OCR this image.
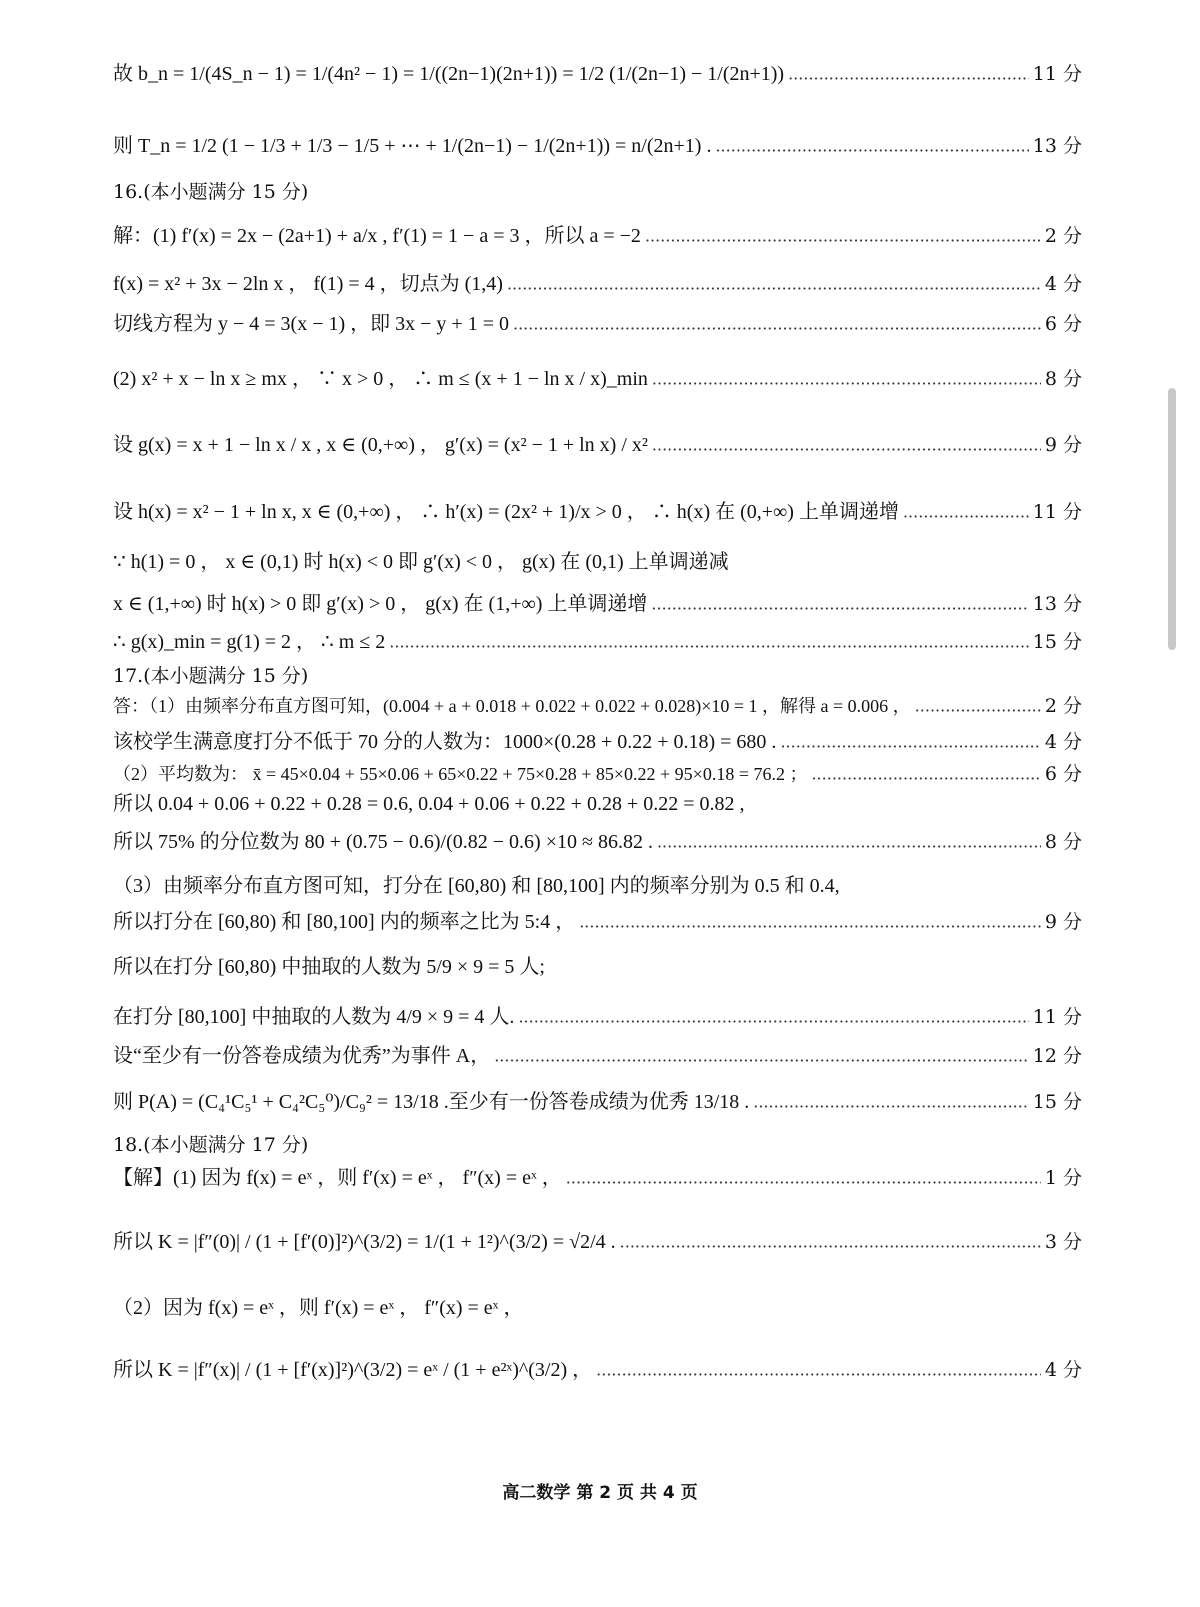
故 b_n = 1/(4S_n − 1) = 1/(4n² − 1) = 1/((2n−1)(2n+1)) = 1/2 (1/(2n−1) − 1/(2n+1)) ·····	11 分
则 T_n = 1/2 (1 − 1/3 + 1/3 − 1/5 + ⋯ + 1/(2n−1) − 1/(2n+1)) = n/(2n+1) . ·····	13 分
16.(本小题满分 15 分)
解：(1) f′(x) = 2x − (2a+1) + a/x , f′(1) = 1 − a = 3 ，所以 a = −2 ·····	2 分
f(x) = x² + 3x − 2ln x ， f(1) = 4 ，切点为 (1,4) ·····	4 分
切线方程为 y − 4 = 3(x − 1) ，即 3x − y + 1 = 0 ·····	6 分
(2) x² + x − ln x ≥ mx ， ∵ x > 0 ， ∴ m ≤ (x + 1 − ln x / x)_min ·····	8 分
设 g(x) = x + 1 − ln x / x , x ∈ (0,+∞) ， g′(x) = (x² − 1 + ln x) / x² ·····	9 分
设 h(x) = x² − 1 + ln x, x ∈ (0,+∞) ， ∴ h′(x) = (2x² + 1)/x > 0 ， ∴ h(x) 在 (0,+∞) 上单调递增 ·····	11 分
∵ h(1) = 0 ， x ∈ (0,1) 时 h(x) < 0 即 g′(x) < 0 ， g(x) 在 (0,1) 上单调递减
x ∈ (1,+∞) 时 h(x) > 0 即 g′(x) > 0 ， g(x) 在 (1,+∞) 上单调递增 ·····	13 分
∴ g(x)_min = g(1) = 2 ， ∴ m ≤ 2 ·····	15 分
17.(本小题满分 15 分)
答：（1）由频率分布直方图可知，(0.004 + a + 0.018 + 0.022 + 0.022 + 0.028)×10 = 1 ，解得 a = 0.006 ， ·····	2 分
该校学生满意度打分不低于 70 分的人数为：1000×(0.28 + 0.22 + 0.18) = 680 . ·····	4 分
（2）平均数为： x̄ = 45×0.04 + 55×0.06 + 65×0.22 + 75×0.28 + 85×0.22 + 95×0.18 = 76.2 ； ·····	6 分
所以 0.04 + 0.06 + 0.22 + 0.28 = 0.6, 0.04 + 0.06 + 0.22 + 0.28 + 0.22 = 0.82 ,
所以 75% 的分位数为 80 + (0.75 − 0.6)/(0.82 − 0.6) ×10 ≈ 86.82 . ·····	8 分
（3）由频率分布直方图可知，打分在 [60,80) 和 [80,100] 内的频率分别为 0.5 和 0.4,
所以打分在 [60,80) 和 [80,100] 内的频率之比为 5:4 ， ·····	9 分
所以在打分 [60,80) 中抽取的人数为 5/9 × 9 = 5 人;
在打分 [80,100] 中抽取的人数为 4/9 × 9 = 4 人. ·····	11 分
设“至少有一份答卷成绩为优秀”为事件 A， ·····	12 分
则 P(A) = (C₄¹C₅¹ + C₄²C₅⁰)/C₉² = 13/18 .至少有一份答卷成绩为优秀 13/18 . ·····	15 分
18.(本小题满分 17 分)
【解】(1) 因为 f(x) = eˣ ，则 f′(x) = eˣ ， f″(x) = eˣ ， ·····	1 分
所以 K = |f″(0)| / (1 + [f′(0)]²)^(3/2) = 1/(1 + 1²)^(3/2) = √2/4 . ·····	3 分
（2）因为 f(x) = eˣ ，则 f′(x) = eˣ ， f″(x) = eˣ ，
所以 K = |f″(x)| / (1 + [f′(x)]²)^(3/2) = eˣ / (1 + e²ˣ)^(3/2) ， ·····	4 分
高二数学 第 2 页 共 4 页
